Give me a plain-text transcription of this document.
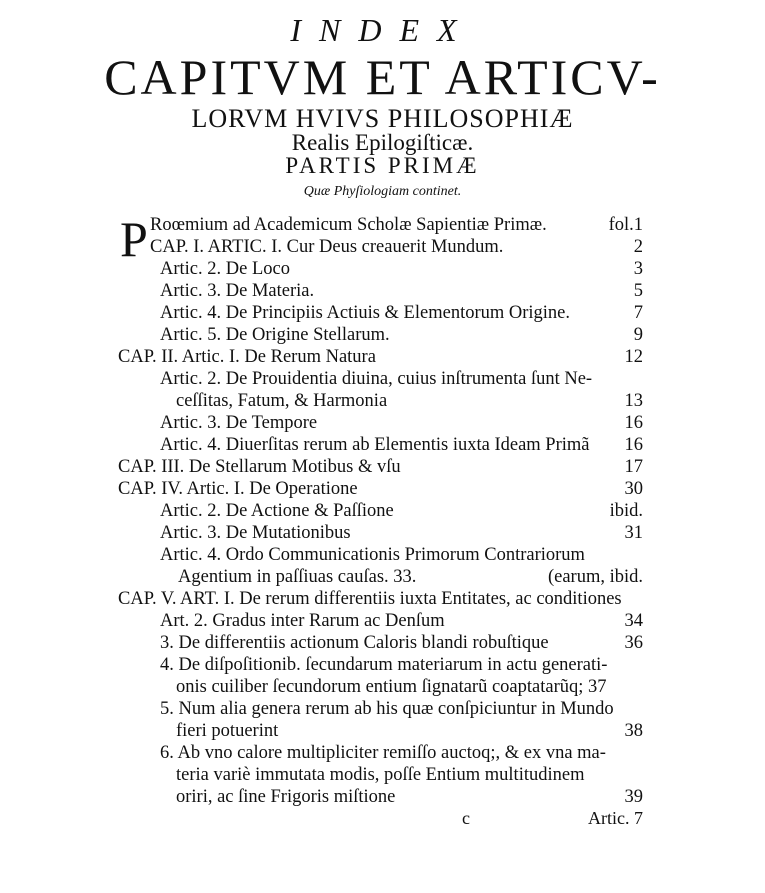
INDEX
CAPITVM ET ARTICV-
LORVM HVIVS PHILOSOPHIÆ
Realis Epilogiſticæ.
PARTIS PRIMÆ
Quæ Phyſiologiam continet.
P Roœmium ad Academicum Scholæ Sapientiæ Primæ.	fol.1
CAP. I. ARTIC. I. Cur Deus creauerit Mundum.	2
Artic. 2. De Loco	3
Artic. 3. De Materia.	5
Artic. 4. De Principiis Actiuis & Elementorum Origine.	7
Artic. 5. De Origine Stellarum.	9
CAP. II. Artic. I. De Rerum Natura	12
Artic. 2. De Prouidentia diuina, cuius inſtrumenta ſunt Ne-
ceſſitas, Fatum, & Harmonia	13
Artic. 3. De Tempore	16
Artic. 4. Diuerſitas rerum ab Elementis iuxta Ideam Primã 16
CAP. III. De Stellarum Motibus & vſu	17
CAP. IV. Artic. I. De Operatione	30
Artic. 2. De Actione & Paſſione	ibid.
Artic. 3. De Mutationibus	31
Artic. 4. Ordo Communicationis Primorum Contrariorum
Agentium in paſſiuas cauſas. 33.	(earum, ibid.
CAP. V. ART. I. De rerum differentiis iuxta Entitates, ac conditiones
Art. 2. Gradus inter Rarum ac Denſum	34
3. De differentiis actionum Caloris blandi robuſtique	36
4. De diſpoſitionib. ſecundarum materiarum in actu generati-
onis cuiliber ſecundorum entium ſignatarũ coaptatarũq; 37
5. Num alia genera rerum ab his quæ conſpiciuntur in Mundo
fieri potuerint	38
6. Ab vno calore multipliciter remiſſo auctoq;, & ex vna ma-
teria variè immutata modis, poſſe Entium multitudinem
oriri, ac ſine Frigoris miſtione	39
c	Artic. 7
